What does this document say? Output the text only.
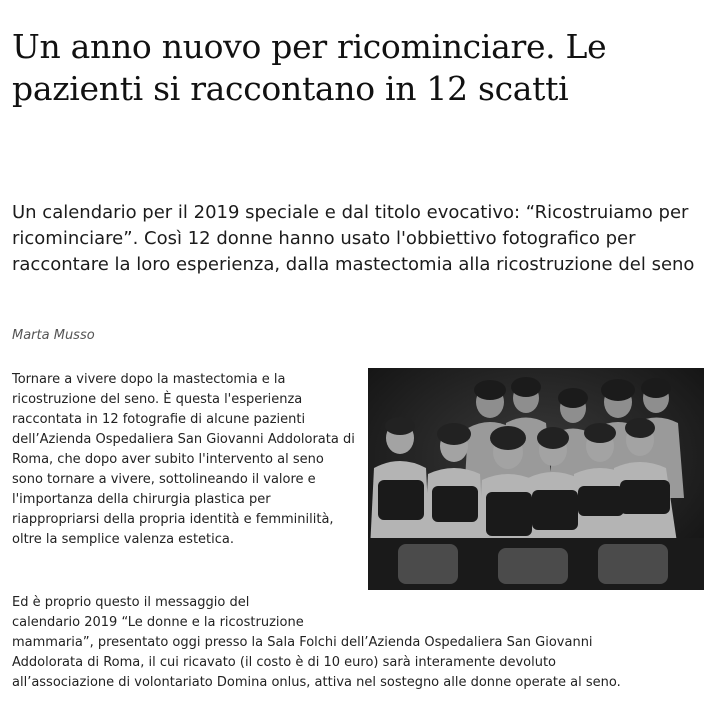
Un anno nuovo per ricominciare. Le pazienti si raccontano in 12 scatti

Un calendario per il 2019 speciale e dal titolo evocativo: “Ricostruiamo per ricominciare”. Così 12 donne hanno usato l'obbiettivo fotografico per raccontare la loro esperienza, dalla mastectomia alla ricostruzione del seno

Marta Musso

Tornare a vivere dopo la mastectomia e la ricostruzione del seno. È questa l'esperienza raccontata in 12 fotografie di alcune pazienti dell’Azienda Ospedaliera San Giovanni Addolorata di Roma, che dopo aver subito l'intervento al seno sono tornare a vivere, sottolineando il valore e l'importanza della chirurgia plastica per riappropriarsi della propria identità e femminilità, oltre la semplice valenza estetica.

Ed è proprio questo il messaggio del
calendario 2019 “Le donne e la ricostruzione
mammaria”, presentato oggi presso la Sala Folchi dell’Azienda Ospedaliera San Giovanni
Addolorata di Roma, il cui ricavato (il costo è di 10 euro) sarà interamente devoluto
all’associazione di volontariato Domina onlus, attiva nel sostegno alle donne operate al seno.
